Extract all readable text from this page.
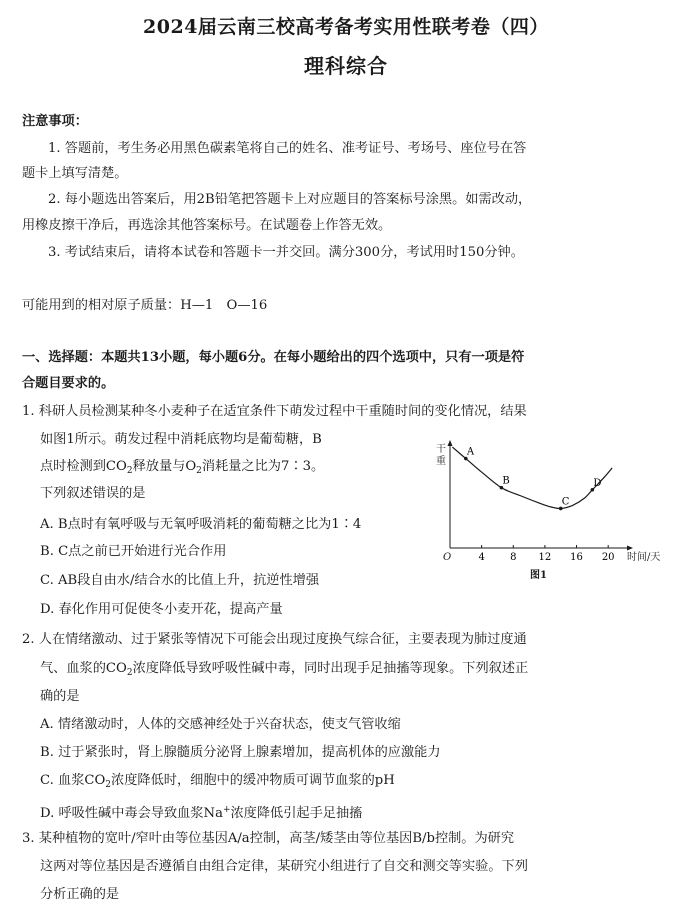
2024届云南三校高考备考实用性联考卷（四）
理科综合
注意事项：
1. 答题前，考生务必用黑色碳素笔将自己的姓名、准考证号、考场号、座位号在答
题卡上填写清楚。
2. 每小题选出答案后，用2B铅笔把答题卡上对应题目的答案标号涂黑。如需改动，
用橡皮擦干净后，再选涂其他答案标号。在试题卷上作答无效。
3. 考试结束后，请将本试卷和答题卡一并交回。满分300分，考试用时150分钟。
可能用到的相对原子质量：H—1　O—16
一、选择题：本题共13小题，每小题6分。在每小题给出的四个选项中，只有一项是符
合题目要求的。
1. 科研人员检测某种冬小麦种子在适宜条件下萌发过程中干重随时间的变化情况，结果
如图1所示。萌发过程中消耗底物均是葡萄糖，B
点时检测到$CO_2$释放量与$O_2$消耗量之比为7∶3。
下列叙述错误的是
A. B点时有氧呼吸与无氧呼吸消耗的葡萄糖之比为1∶4
B. C点之前已开始进行光合作用
C. AB段自由水/结合水的比值上升，抗逆性增强
D. 春化作用可促使冬小麦开花，提高产量
干
重
4	8 12 16 20
O	时间/天
A
B
C
D
图1
2. 人在情绪激动、过于紧张等情况下可能会出现过度换气综合征，主要表现为肺过度通
气、血浆的$CO_2$浓度降低导致呼吸性碱中毒，同时出现手足抽搐等现象。下列叙述正
确的是
A. 情绪激动时，人体的交感神经处于兴奋状态，使支气管收缩
B. 过于紧张时，肾上腺髓质分泌肾上腺素增加，提高机体的应激能力
C. 血浆$CO_2$浓度降低时，细胞中的缓冲物质可调节血浆的pH
D. 呼吸性碱中毒会导致血浆Na+浓度降低引起手足抽搐
3. 某种植物的宽叶/窄叶由等位基因A/a控制，高茎/矮茎由等位基因B/b控制。为研究
这两对等位基因是否遵循自由组合定律，某研究小组进行了自交和测交等实验。下列
分析正确的是
